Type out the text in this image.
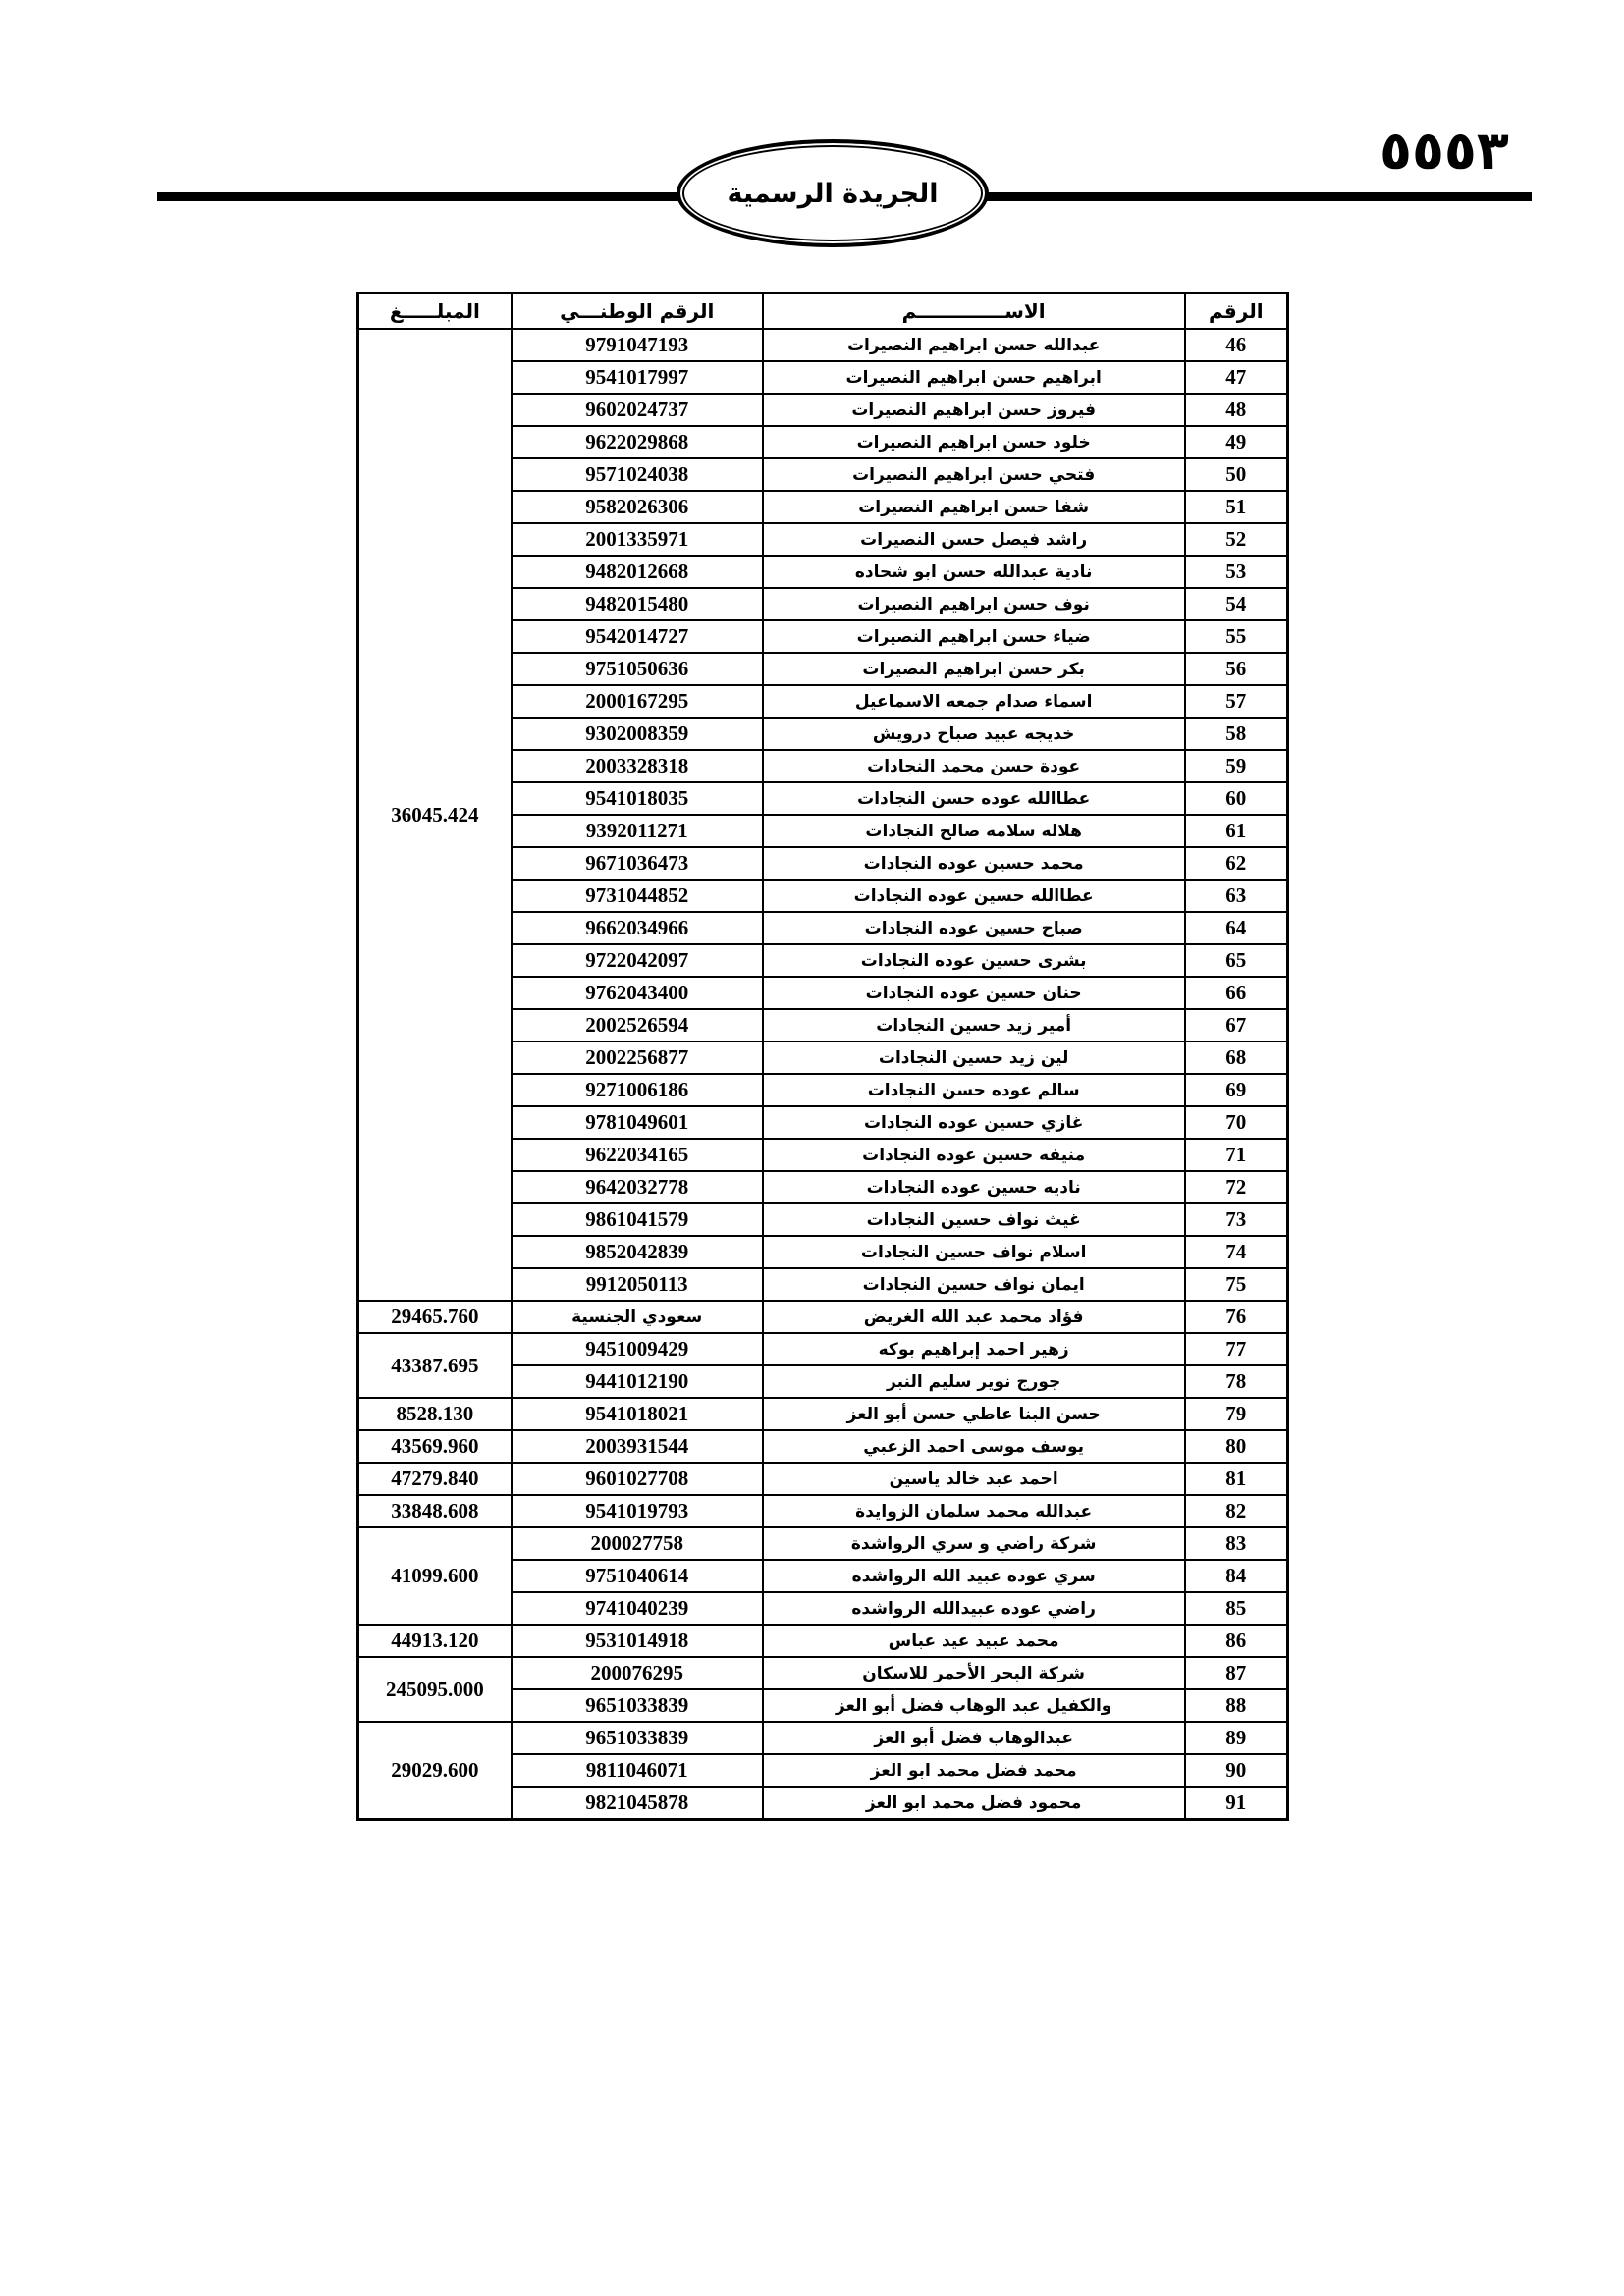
٥٥٥٣
الجريدة الرسمية
الرقم	الاســـــــــــــم	الرقم الوطنـــي	المبلـــــغ
46	عبدالله حسن ابراهيم النصيرات	9791047193	36045.424
47	ابراهيم حسن ابراهيم النصيرات	9541017997	
48	فيروز حسن ابراهيم النصيرات	9602024737	
49	خلود حسن ابراهيم النصيرات	9622029868	
50	فتحي حسن ابراهيم النصيرات	9571024038	
51	شفا حسن ابراهيم النصيرات	9582026306	
52	راشد فيصل حسن النصيرات	2001335971	
53	نادية عبدالله حسن ابو شحاده	9482012668	
54	نوف حسن ابراهيم النصيرات	9482015480	
55	ضياء حسن ابراهيم النصيرات	9542014727	
56	بكر حسن ابراهيم النصيرات	9751050636	
57	اسماء صدام جمعه الاسماعيل	2000167295	
58	خديجه عبيد صباح درويش	9302008359	
59	عودة حسن محمد النجادات	2003328318	
60	عطاالله عوده حسن النجادات	9541018035	
61	هلاله سلامه صالح النجادات	9392011271	
62	محمد حسين عوده النجادات	9671036473	
63	عطاالله حسين عوده النجادات	9731044852	
64	صباح حسين عوده النجادات	9662034966	
65	بشرى حسين عوده النجادات	9722042097	
66	حنان حسين عوده النجادات	9762043400	
67	أمير زيد حسين النجادات	2002526594	
68	لين زيد حسين النجادات	2002256877	
69	سالم عوده حسن النجادات	9271006186	
70	غازي حسين عوده النجادات	9781049601	
71	منيفه حسين عوده النجادات	9622034165	
72	ناديه حسين عوده النجادات	9642032778	
73	غيث نواف حسين النجادات	9861041579	
74	اسلام نواف حسين النجادات	9852042839	
75	ايمان نواف حسين النجادات	9912050113	
76	فؤاد محمد عبد الله الغريض	سعودي الجنسية	29465.760
77	زهير احمد إبراهيم بوكه	9451009429	43387.695
78	جورج نوير سليم النبر	9441012190	
79	حسن البنا عاطي حسن أبو العز	9541018021	8528.130
80	يوسف موسى احمد الزعبي	2003931544	43569.960
81	احمد عبد خالد ياسين	9601027708	47279.840
82	عبدالله محمد سلمان الزوايدة	9541019793	33848.608
83	شركة راضي و سري الرواشدة	200027758	41099.600
84	سري عوده عبيد الله الرواشده	9751040614	
85	راضي عوده عبيدالله الرواشده	9741040239	
86	محمد عبيد عيد عباس	9531014918	44913.120
87	شركة البحر الأحمر للاسكان	200076295	245095.000
88	والكفيل عبد الوهاب فضل أبو العز	9651033839	
89	عبدالوهاب فضل أبو العز	9651033839	29029.600
90	محمد فضل محمد ابو العز	9811046071	
91	محمود فضل محمد ابو العز	9821045878	
